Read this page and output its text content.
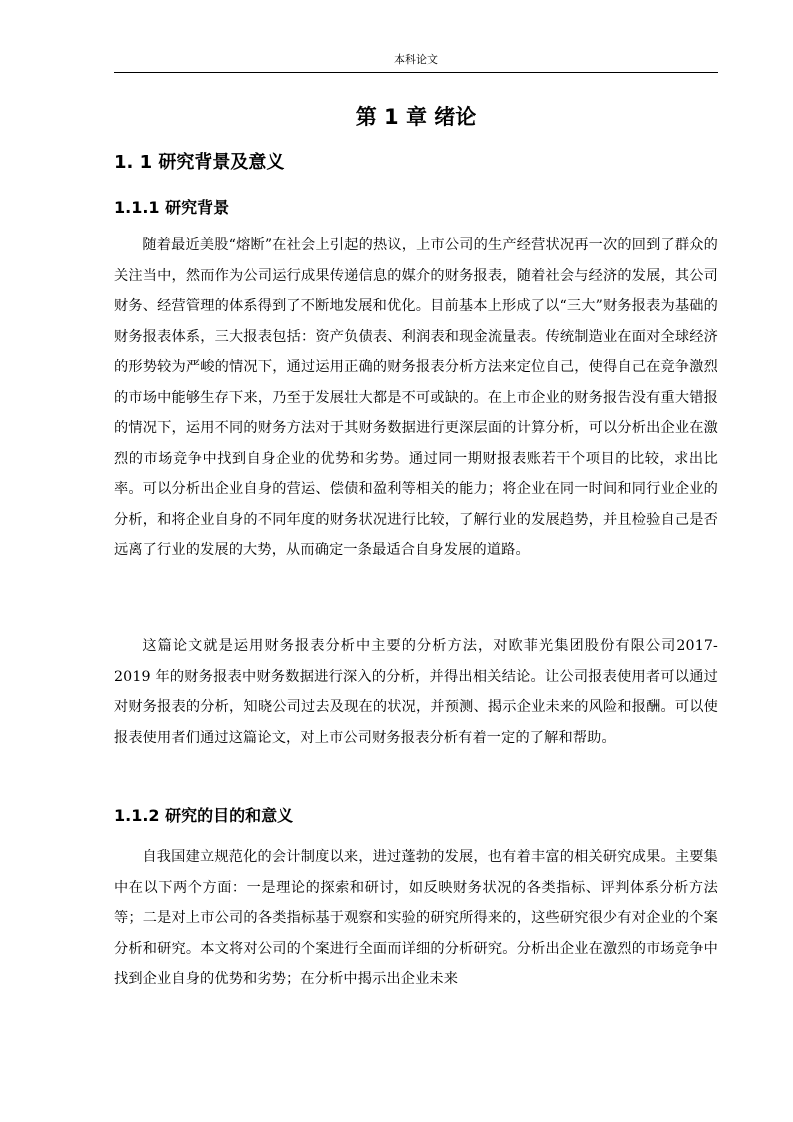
本科论文
第 1 章 绪论
1. 1 研究背景及意义
1.1.1 研究背景

随着最近美股“熔断”在社会上引起的热议，上市公司的生产经营状况再一次的回到了群众的关注当中，然而作为公司运行成果传递信息的媒介的财务报表，随着社会与经济的发展，其公司财务、经营管理的体系得到了不断地发展和优化。目前基本上形成了以“三大”财务报表为基础的财务报表体系，三大报表包括：资产负债表、利润表和现金流量表。传统制造业在面对全球经济的形势较为严峻的情况下，通过运用正确的财务报表分析方法来定位自己，使得自己在竞争激烈的市场中能够生存下来，乃至于发展壮大都是不可或缺的。在上市企业的财务报告没有重大错报的情况下，运用不同的财务方法对于其财务数据进行更深层面的计算分析，可以分析出企业在激烈的市场竞争中找到自身企业的优势和劣势。通过同一期财报表账若干个项目的比较，求出比率。可以分析出企业自身的营运、偿债和盈利等相关的能力；将企业在同一时间和同行业企业的分析，和将企业自身的不同年度的财务状况进行比较，了解行业的发展趋势，并且检验自己是否远离了行业的发展的大势，从而确定一条最适合自身发展的道路。

这篇论文就是运用财务报表分析中主要的分析方法，对欧菲光集团股份有限公司2017-2019 年的财务报表中财务数据进行深入的分析，并得出相关结论。让公司报表使用者可以通过对财务报表的分析，知晓公司过去及现在的状况，并预测、揭示企业未来的风险和报酬。可以使报表使用者们通过这篇论文，对上市公司财务报表分析有着一定的了解和帮助。

1.1.2 研究的目的和意义

自我国建立规范化的会计制度以来，进过蓬勃的发展，也有着丰富的相关研究成果。主要集中在以下两个方面：一是理论的探索和研讨，如反映财务状况的各类指标、评判体系分析方法等；二是对上市公司的各类指标基于观察和实验的研究所得来的，这些研究很少有对企业的个案分析和研究。本文将对公司的个案进行全面而详细的分析研究。分析出企业在激烈的市场竞争中找到企业自身的优势和劣势；在分析中揭示出企业未来
